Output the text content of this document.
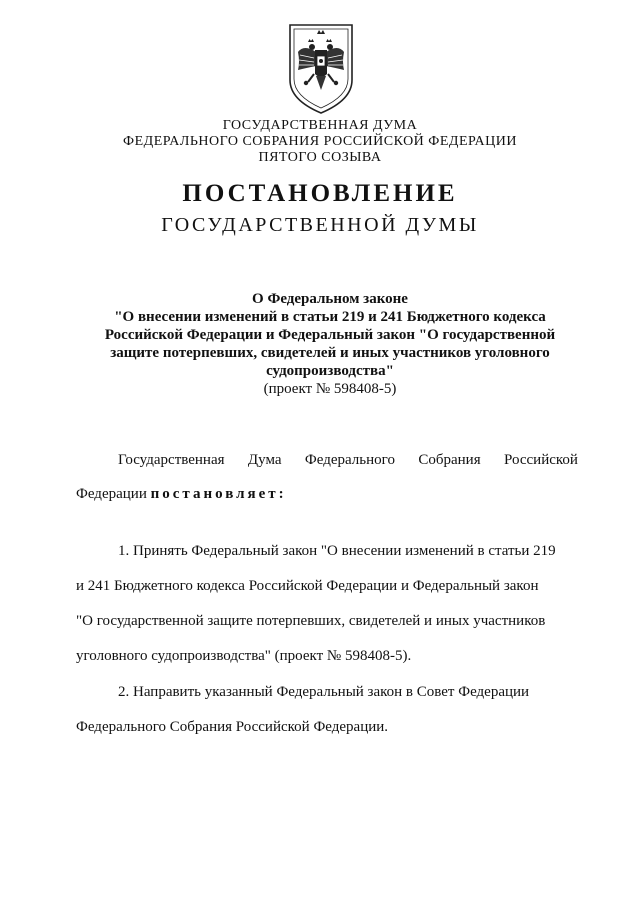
ГОСУДАРСТВЕННАЯ ДУМА
ФЕДЕРАЛЬНОГО СОБРАНИЯ РОССИЙСКОЙ ФЕДЕРАЦИИ
ПЯТОГО СОЗЫВА
ПОСТАНОВЛЕНИЕ
ГОСУДАРСТВЕННОЙ ДУМЫ
О Федеральном законе
"О внесении изменений в статьи 219 и 241 Бюджетного кодекса
Российской Федерации и Федеральный закон "О государственной
защите потерпевших, свидетелей и иных участников уголовного
судопроизводства"
(проект № 598408-5)
Государственная Дума Федерального Собрания Российской
Федерации постановляет:
1. Принять Федеральный закон "О внесении изменений в статьи 219
и 241 Бюджетного кодекса Российской Федерации и Федеральный закон
"О государственной защите потерпевших, свидетелей и иных участников
уголовного судопроизводства" (проект № 598408-5).
2. Направить указанный Федеральный закон в Совет Федерации
Федерального Собрания Российской Федерации.
